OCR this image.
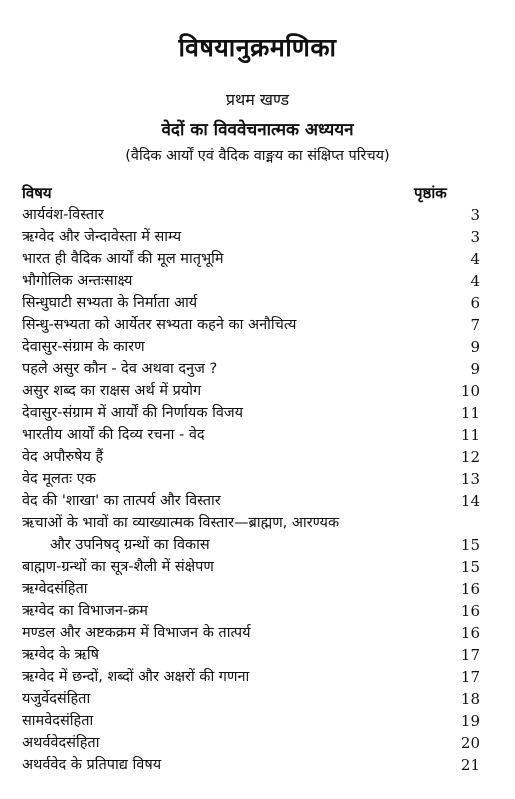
विषयानुक्रमणिका
प्रथम खण्ड
वेदों का विववेचनात्मक अध्ययन
(वैदिक आर्यों एवं वैदिक वाङ्मय का संक्षिप्त परिचय)
विषय	पृष्ठांक
आर्यवंश-विस्तार	3
ऋग्वेद और जेन्दावेस्ता में साम्य	3
भारत ही वैदिक आर्यों की मूल मातृभूमि	4
भौगोलिक अन्तःसाक्ष्य	4
सिन्धुघाटी सभ्यता के निर्माता आर्य	6
सिन्धु-सभ्यता को आर्येतर सभ्यता कहने का अनौचित्य	7
देवासुर-संग्राम के कारण	9
पहले असुर कौन - देव अथवा दनुज ?	9
असुर शब्द का राक्षस अर्थ में प्रयोग	10
देवासुर-संग्राम में आर्यों की निर्णायक विजय	11
भारतीय आर्यों की दिव्य रचना - वेद	11
वेद अपौरुषेय हैं	12
वेद मूलतः एक	13
वेद की 'शाखा' का तात्पर्य और विस्तार	14
ऋचाओं के भावों का व्याख्यात्मक विस्तार—ब्राह्मण, आरण्यक
और उपनिषद् ग्रन्थों का विकास	15
बाह्मण-ग्रन्थों का सूत्र-शैली में संक्षेपण	15
ऋग्वेदसंहिता	16
ऋग्वेद का विभाजन-क्रम	16
मण्डल और अष्टकक्रम में विभाजन के तात्पर्य	16
ऋग्वेद के ऋषि	17
ऋग्वेद में छन्दों, शब्दों और अक्षरों की गणना	17
यजुर्वेदसंहिता	18
सामवेदसंहिता	19
अथर्ववेदसंहिता	20
अथर्ववेद के प्रतिपाद्य विषय	21
